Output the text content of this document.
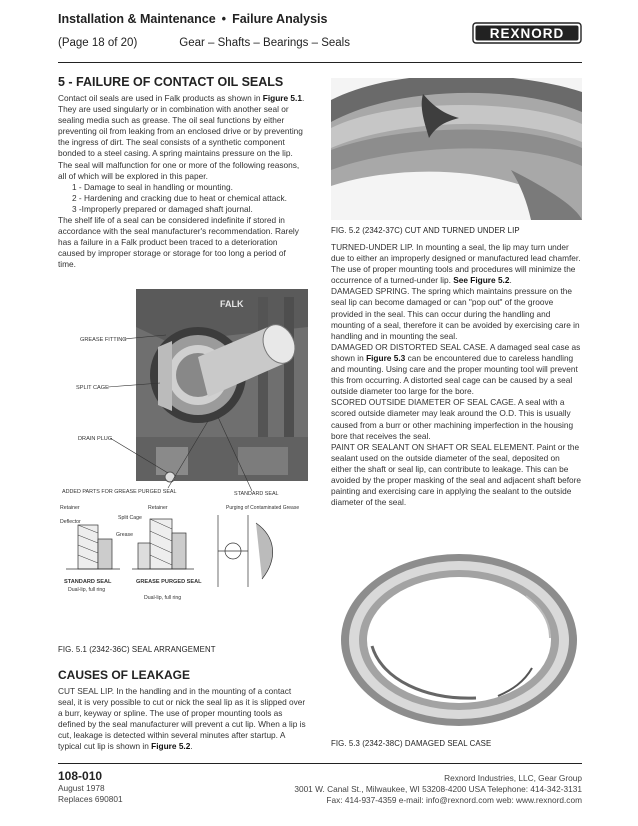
Installation & Maintenance • Failure Analysis
(Page 18 of 20)	Gear – Shafts – Bearings – Seals
REXNORD
5 - FAILURE OF CONTACT OIL SEALS

Contact oil seals are used in Falk products as shown in Figure 5.1. They are used singularly or in combination with another seal or sealing media such as grease. The oil seal functions by either preventing oil from leaking from an enclosed drive or by preventing the ingress of dirt. The seal consists of a synthetic component bonded to a steel casing. A spring maintains pressure on the lip. The seal will malfunction for one or more of the following reasons, all of which will be explored in this paper.

1 - Damage to seal in handling or mounting.

2 - Hardening and cracking due to heat or chemical attack.

3 -Improperly prepared or damaged shaft journal.

The shelf life of a seal can be considered indefinite if stored in accordance with the seal manufacturer's recommendation. Rarely has a failure in a Falk product been traced to a deterioration caused by improper storage or storage for too long a period of time.

FALK
GREASE FITTING
SPLIT CAGE
DRAIN PLUG
ADDED PARTS FOR GREASE PURGED SEAL	STANDARD SEAL
Retainer	Retainer
Deflector
Split Cage
Grease
Purging of Contaminated Grease
STANDARD SEAL
Dual-lip, full ring
GREASE PURGED SEAL
Dual-lip, full ring
FIG. 5.1 (2342-36C) SEAL ARRANGEMENT
CAUSES OF LEAKAGE

CUT SEAL LIP. In the handling and in the mounting of a contact seal, it is very possible to cut or nick the seal lip as it is slipped over a burr, keyway or spline. The use of proper mounting tools as defined by the seal manufacturer will prevent a cut lip. When a lip is cut, leakage is detected within several minutes after startup. A typical cut lip is shown in Figure 5.2.

FIG. 5.2 (2342-37C) CUT AND TURNED UNDER LIP

TURNED-UNDER LIP. In mounting a seal, the lip may turn under due to either an improperly designed or manufactured lead chamfer. The use of proper mounting tools and procedures will minimize the occurrence of a turned-under lip. See Figure 5.2.

DAMAGED SPRING. The spring which maintains pressure on the seal lip can become damaged or can "pop out" of the groove provided in the seal. This can occur during the handling and mounting of a seal, therefore it can be avoided by exercising care in handling and in mounting the seal.

DAMAGED OR DISTORTED SEAL CASE. A damaged seal case as shown in Figure 5.3 can be encountered due to careless handling and mounting. Using care and the proper mounting tool will prevent this from occurring. A distorted seal cage can be caused by a seal outside diameter too large for the bore.

SCORED OUTSIDE DIAMETER OF SEAL CAGE. A seal with a scored outside diameter may leak around the O.D. This is usually caused from a burr or other machining imperfection in the housing bore that receives the seal.

PAINT OR SEALANT ON SHAFT OR SEAL ELEMENT. Paint or the sealant used on the outside diameter of the seal, deposited on either the shaft or seal lip, can contribute to leakage. This can be avoided by the proper masking of the seal and adjacent shaft before painting and exercising care in applying the sealant to the outside diameter of the seal.

FIG. 5.3 (2342-38C) DAMAGED SEAL CASE
108-010
August 1978
Replaces 690801
Rexnord Industries, LLC, Gear Group
3001 W. Canal St., Milwaukee, WI 53208-4200 USA Telephone: 414-342-3131
Fax: 414-937-4359 e-mail: info@rexnord.com web: www.rexnord.com
